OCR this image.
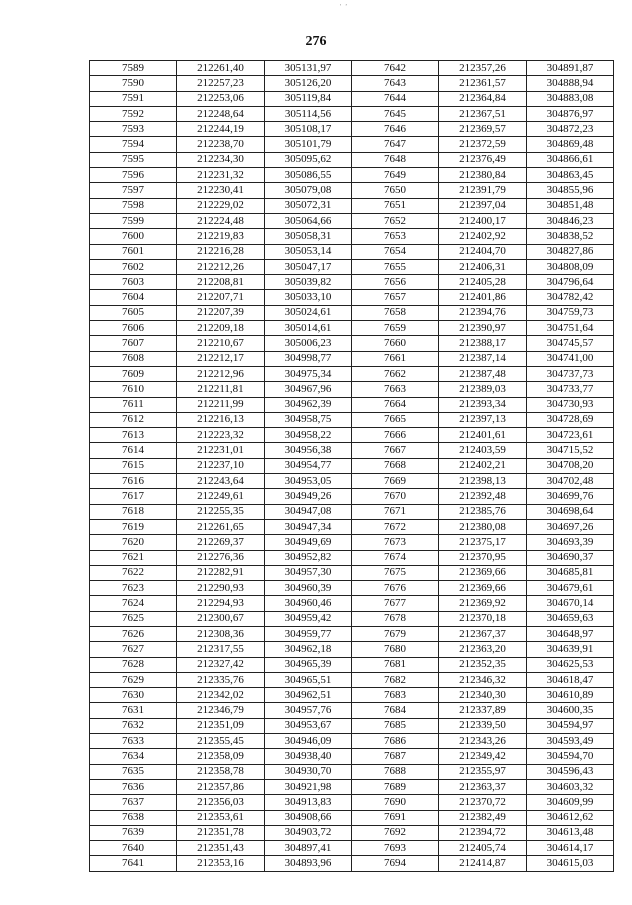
' ’
276
7589	212261,40	305131,97	7642	212357,26	304891,87
7590	212257,23	305126,20	7643	212361,57	304888,94
7591	212253,06	305119,84	7644	212364,84	304883,08
7592	212248,64	305114,56	7645	212367,51	304876,97
7593	212244,19	305108,17	7646	212369,57	304872,23
7594	212238,70	305101,79	7647	212372,59	304869,48
7595	212234,30	305095,62	7648	212376,49	304866,61
7596	212231,32	305086,55	7649	212380,84	304863,45
7597	212230,41	305079,08	7650	212391,79	304855,96
7598	212229,02	305072,31	7651	212397,04	304851,48
7599	212224,48	305064,66	7652	212400,17	304846,23
7600	212219,83	305058,31	7653	212402,92	304838,52
7601	212216,28	305053,14	7654	212404,70	304827,86
7602	212212,26	305047,17	7655	212406,31	304808,09
7603	212208,81	305039,82	7656	212405,28	304796,64
7604	212207,71	305033,10	7657	212401,86	304782,42
7605	212207,39	305024,61	7658	212394,76	304759,73
7606	212209,18	305014,61	7659	212390,97	304751,64
7607	212210,67	305006,23	7660	212388,17	304745,57
7608	212212,17	304998,77	7661	212387,14	304741,00
7609	212212,96	304975,34	7662	212387,48	304737,73
7610	212211,81	304967,96	7663	212389,03	304733,77
7611	212211,99	304962,39	7664	212393,34	304730,93
7612	212216,13	304958,75	7665	212397,13	304728,69
7613	212223,32	304958,22	7666	212401,61	304723,61
7614	212231,01	304956,38	7667	212403,59	304715,52
7615	212237,10	304954,77	7668	212402,21	304708,20
7616	212243,64	304953,05	7669	212398,13	304702,48
7617	212249,61	304949,26	7670	212392,48	304699,76
7618	212255,35	304947,08	7671	212385,76	304698,64
7619	212261,65	304947,34	7672	212380,08	304697,26
7620	212269,37	304949,69	7673	212375,17	304693,39
7621	212276,36	304952,82	7674	212370,95	304690,37
7622	212282,91	304957,30	7675	212369,66	304685,81
7623	212290,93	304960,39	7676	212369,66	304679,61
7624	212294,93	304960,46	7677	212369,92	304670,14
7625	212300,67	304959,42	7678	212370,18	304659,63
7626	212308,36	304959,77	7679	212367,37	304648,97
7627	212317,55	304962,18	7680	212363,20	304639,91
7628	212327,42	304965,39	7681	212352,35	304625,53
7629	212335,76	304965,51	7682	212346,32	304618,47
7630	212342,02	304962,51	7683	212340,30	304610,89
7631	212346,79	304957,76	7684	212337,89	304600,35
7632	212351,09	304953,67	7685	212339,50	304594,97
7633	212355,45	304946,09	7686	212343,26	304593,49
7634	212358,09	304938,40	7687	212349,42	304594,70
7635	212358,78	304930,70	7688	212355,97	304596,43
7636	212357,86	304921,98	7689	212363,37	304603,32
7637	212356,03	304913,83	7690	212370,72	304609,99
7638	212353,61	304908,66	7691	212382,49	304612,62
7639	212351,78	304903,72	7692	212394,72	304613,48
7640	212351,43	304897,41	7693	212405,74	304614,17
7641	212353,16	304893,96	7694	212414,87	304615,03
